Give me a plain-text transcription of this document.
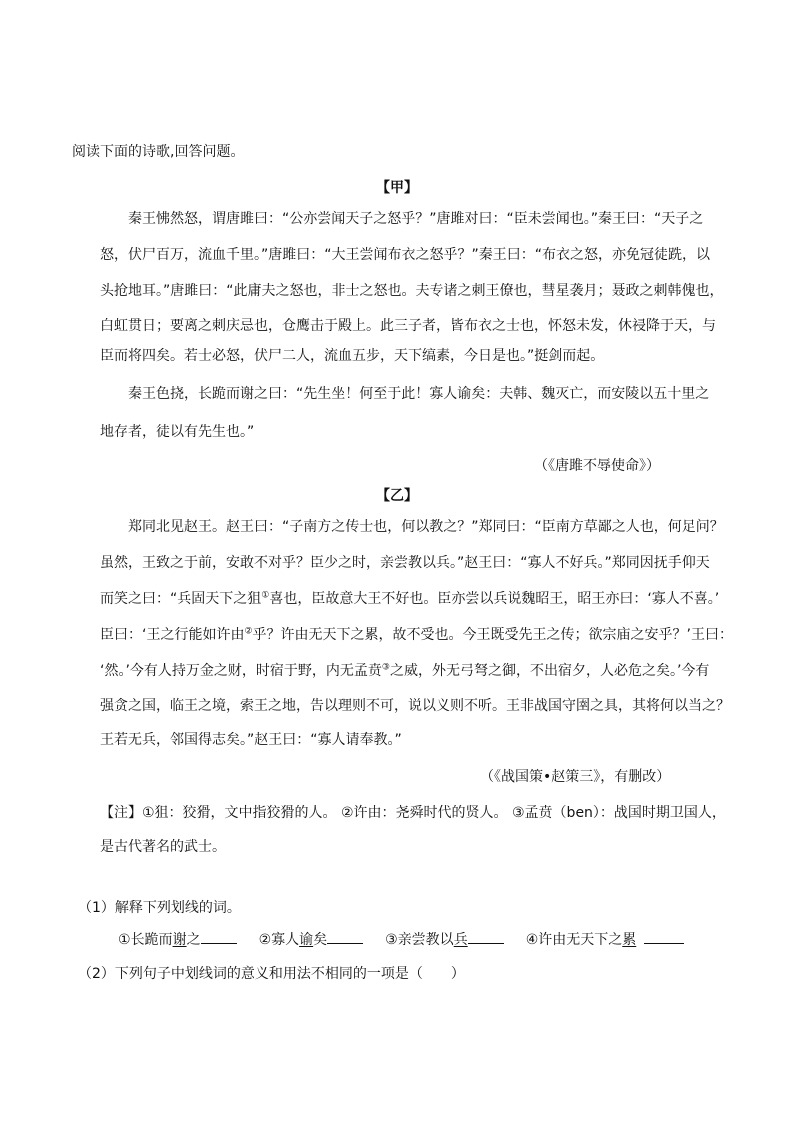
阅读下面的诗歌,回答问题。
【甲】
秦王怫然怒，谓唐雎曰：“公亦尝闻天子之怒乎？”唐雎对曰：“臣未尝闻也。”秦王曰：“天子之
怒，伏尸百万，流血千里。”唐雎曰：“大王尝闻布衣之怒乎？”秦王曰：“布衣之怒，亦免冠徒跣，以
头抢地耳。”唐雎曰：“此庸夫之怒也，非士之怒也。夫专诸之刺王僚也，彗星袭月；聂政之刺韩傀也，
白虹贯日；要离之刺庆忌也，仓鹰击于殿上。此三子者，皆布衣之士也，怀怒未发，休祲降于天，与
臣而将四矣。若士必怒，伏尸二人，流血五步，天下缟素，今日是也。”挺剑而起。
秦王色挠，长跪而谢之曰：“先生坐！何至于此！寡人谕矣：夫韩、魏灭亡，而安陵以五十里之
地存者，徒以有先生也。”
（《唐雎不辱使命》）
【乙】
郑同北见赵王。赵王曰：“子南方之传士也，何以教之？”郑同曰：“臣南方草鄙之人也，何足问？
虽然，王致之于前，安敢不对乎？臣少之时，亲尝教以兵。”赵王曰：“寡人不好兵。”郑同因抚手仰天
而笑之曰：“兵固天下之狙①喜也，臣故意大王不好也。臣亦尝以兵说魏昭王，昭王亦曰：‘寡人不喜。’
臣曰：‘王之行能如许由②乎？许由无天下之累，故不受也。今王既受先王之传；欲宗庙之安乎？’王曰：
‘然。’今有人持万金之财，时宿于野，内无孟贲③之威，外无弓弩之御，不出宿夕，人必危之矣。’今有
强贪之国，临王之境，索王之地，告以理则不可，说以义则不听。王非战国守圉之具，其将何以当之？
王若无兵，邻国得志矣。”赵王曰：“寡人请奉教。”
（《战国策•赵策三》，有删改）
【注】①狙：狡猾，文中指狡猾的人。 ②许由：尧舜时代的贤人。 ③孟贲（ben）：战国时期卫国人，
是古代著名的武士。
（1）解释下列划线的词。
①长跪而谢之	②寡人谕矣	③亲尝教以兵	④许由无天下之累
（2）下列句子中划线词的意义和用法不相同的一项是（　　）
